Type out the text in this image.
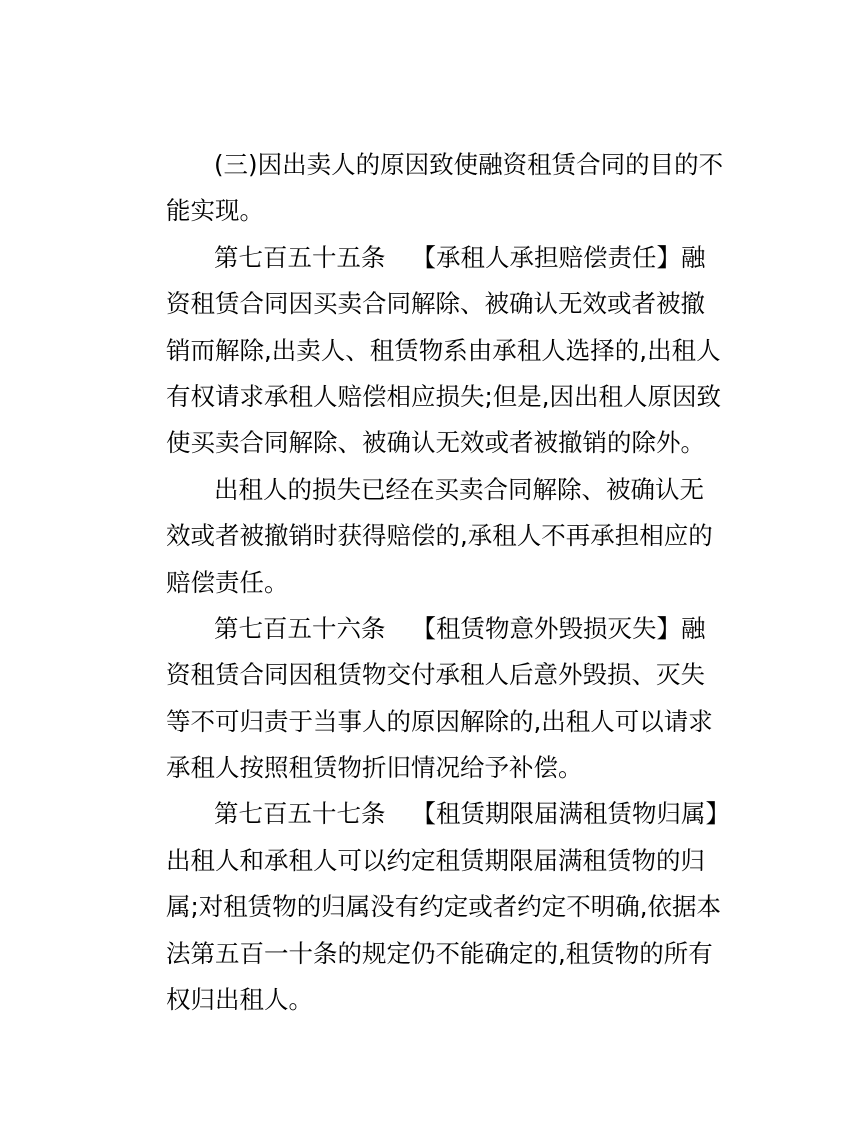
(三)因出卖人的原因致使融资租赁合同的目的不
能实现。
第七百五十五条 【承租人承担赔偿责任】融
资租赁合同因买卖合同解除、被确认无效或者被撤
销而解除,出卖人、租赁物系由承租人选择的,出租人
有权请求承租人赔偿相应损失;但是,因出租人原因致
使买卖合同解除、被确认无效或者被撤销的除外。
出租人的损失已经在买卖合同解除、被确认无
效或者被撤销时获得赔偿的,承租人不再承担相应的
赔偿责任。
第七百五十六条 【租赁物意外毁损灭失】融
资租赁合同因租赁物交付承租人后意外毁损、灭失
等不可归责于当事人的原因解除的,出租人可以请求
承租人按照租赁物折旧情况给予补偿。
第七百五十七条 【租赁期限届满租赁物归属】
出租人和承租人可以约定租赁期限届满租赁物的归
属;对租赁物的归属没有约定或者约定不明确,依据本
法第五百一十条的规定仍不能确定的,租赁物的所有
权归出租人。
